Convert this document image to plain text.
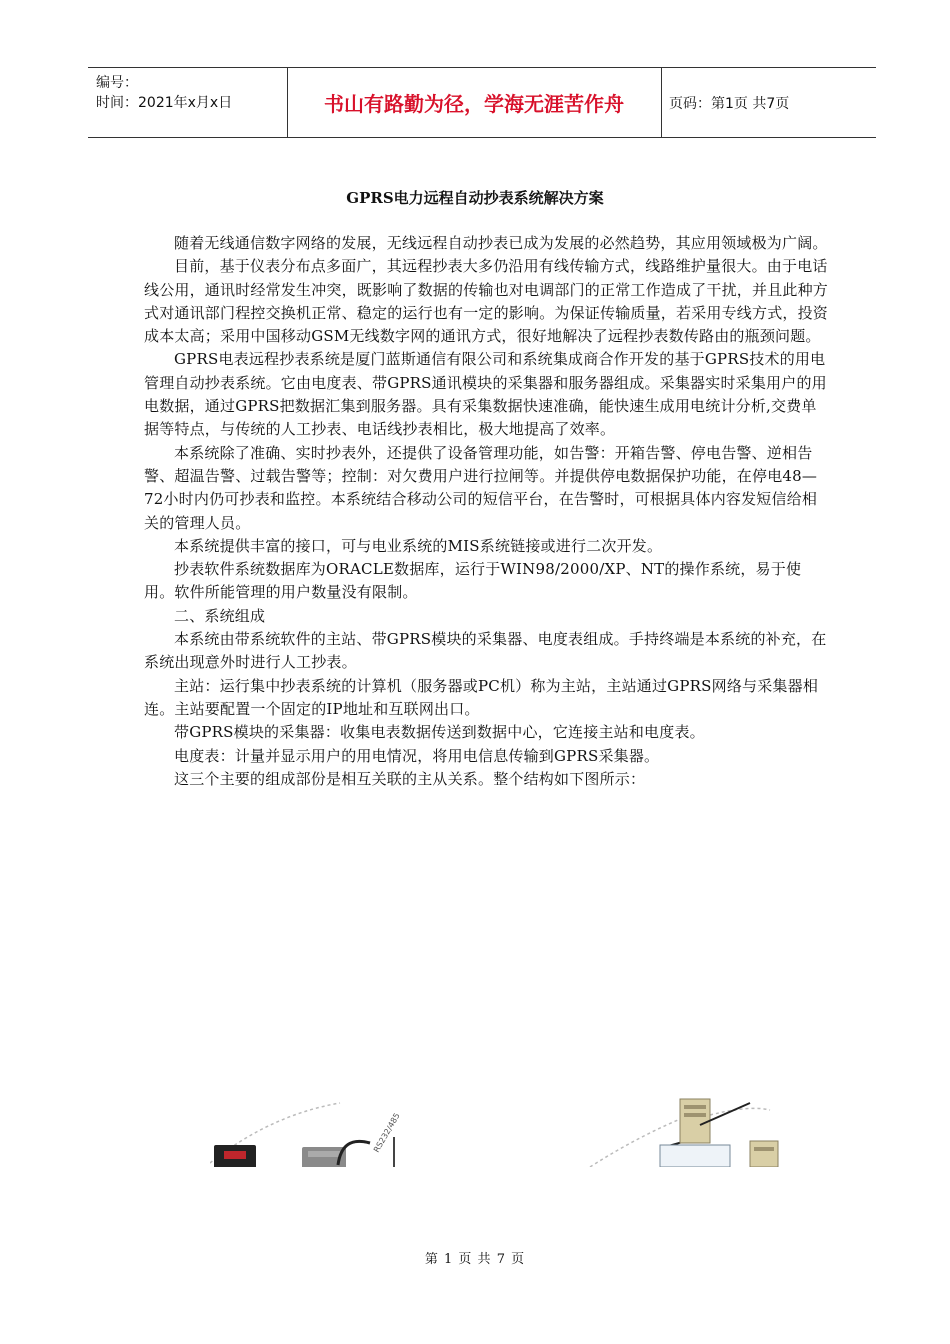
编号：
时间：2021年x月x日	书山有路勤为径，学海无涯苦作舟	页码：第1页 共7页
GPRS电力远程自动抄表系统解决方案

随着无线通信数字网络的发展，无线远程自动抄表已成为发展的必然趋势，其应用领域极为广阔。

目前，基于仪表分布点多面广，其远程抄表大多仍沿用有线传输方式，线路维护量很大。由于电话线公用，通讯时经常发生冲突，既影响了数据的传输也对电调部门的正常工作造成了干扰，并且此种方式对通讯部门程控交换机正常、稳定的运行也有一定的影响。为保证传输质量，若采用专线方式，投资成本太高；采用中国移动GSM无线数字网的通讯方式，很好地解决了远程抄表数传路由的瓶颈问题。

GPRS电表远程抄表系统是厦门蓝斯通信有限公司和系统集成商合作开发的基于GPRS技术的用电管理自动抄表系统。它由电度表、带GPRS通讯模块的采集器和服务器组成。采集器实时采集用户的用电数据，通过GPRS把数据汇集到服务器。具有采集数据快速准确，能快速生成用电统计分析,交费单据等特点，与传统的人工抄表、电话线抄表相比，极大地提高了效率。

本系统除了准确、实时抄表外，还提供了设备管理功能，如告警：开箱告警、停电告警、逆相告警、超温告警、过载告警等；控制：对欠费用户进行拉闸等。并提供停电数据保护功能，在停电48—72小时内仍可抄表和监控。本系统结合移动公司的短信平台，在告警时，可根据具体内容发短信给相关的管理人员。

本系统提供丰富的接口，可与电业系统的MIS系统链接或进行二次开发。

抄表软件系统数据库为ORACLE数据库，运行于WIN98/2000/XP、NT的操作系统，易于使用。软件所能管理的用户数量没有限制。

二、系统组成

本系统由带系统软件的主站、带GPRS模块的采集器、电度表组成。手持终端是本系统的补充，在系统出现意外时进行人工抄表。

主站：运行集中抄表系统的计算机（服务器或PC机）称为主站，主站通过GPRS网络与采集器相连。主站要配置一个固定的IP地址和互联网出口。

带GPRS模块的采集器：收集电表数据传送到数据中心，它连接主站和电度表。

电度表：计量并显示用户的用电情况，将用电信息传输到GPRS采集器。

这三个主要的组成部份是相互关联的主从关系。整个结构如下图所示：

RS232/485
第 1 页 共 7 页
